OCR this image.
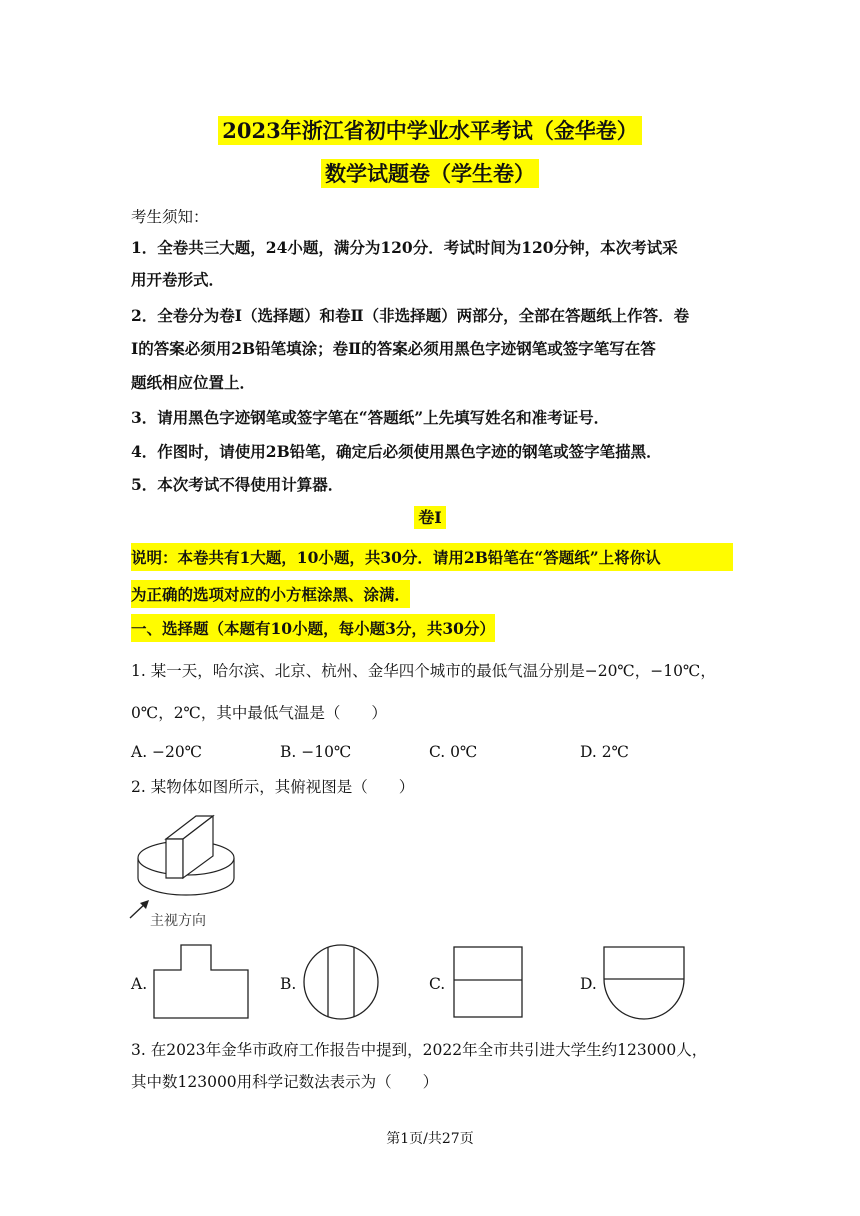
2023年浙江省初中学业水平考试（金华卷）
数学试题卷（学生卷）
考生须知：
1．全卷共三大题，24小题，满分为120分．考试时间为120分钟，本次考试采
用开卷形式．
2．全卷分为卷Ⅰ（选择题）和卷Ⅱ（非选择题）两部分，全部在答题纸上作答．卷
Ⅰ的答案必须用2B铅笔填涂；卷Ⅱ的答案必须用黑色字迹钢笔或签字笔写在答
题纸相应位置上．
3．请用黑色字迹钢笔或签字笔在“答题纸”上先填写姓名和准考证号．
4．作图时，请使用2B铅笔，确定后必须使用黑色字迹的钢笔或签字笔描黑．
5．本次考试不得使用计算器．
卷Ⅰ
说明：本卷共有1大题，10小题，共30分．请用2B铅笔在“答题纸”上将你认
为正确的选项对应的小方框涂黑、涂满．
一、选择题（本题有10小题，每小题3分，共30分）
1. 某一天，哈尔滨、北京、杭州、金华四个城市的最低气温分别是−20℃，−10℃，
0℃，2℃，其中最低气温是（　　）
A. −20℃	B. −10℃	C. 0℃	D. 2℃
2. 某物体如图所示，其俯视图是（　　）
主视方向
A.	B.	C.	D.
3. 在2023年金华市政府工作报告中提到，2022年全市共引进大学生约123000人，
其中数123000用科学记数法表示为（　　）
第1页/共27页
